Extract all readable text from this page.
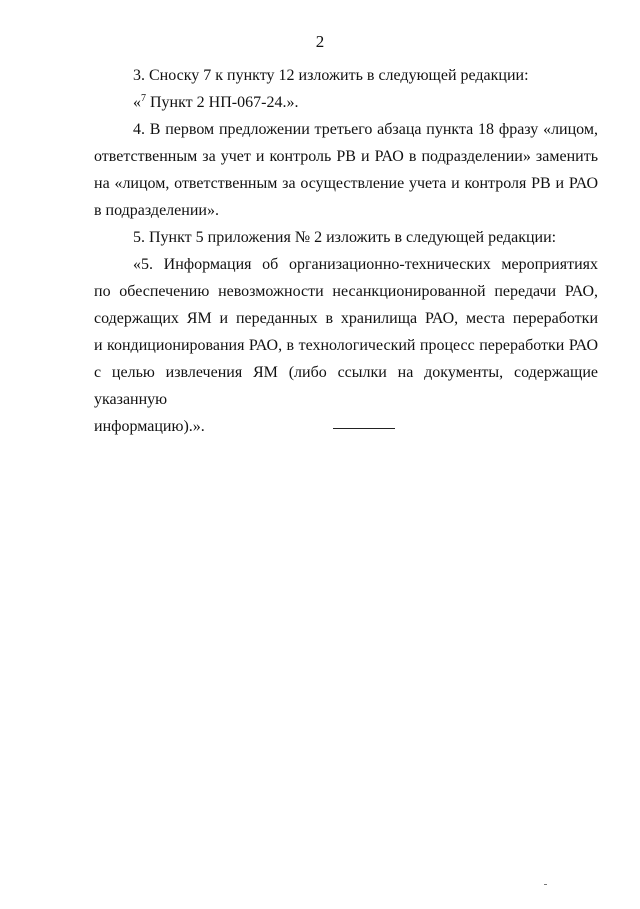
2

3. Сноску 7 к пункту 12 изложить в следующей редакции:

«$^7$ Пункт 2 НП-067-24.».

4. В первом предложении третьего абзаца пункта 18 фразу «лицом,
ответственным за учет и контроль РВ и РАО в подразделении» заменить
на «лицом, ответственным за осуществление учета и контроля РВ и РАО
в подразделении».

5. Пункт 5 приложения № 2 изложить в следующей редакции:

«5. Информация об организационно-технических мероприятиях
по обеспечению невозможности несанкционированной передачи РАО,
содержащих ЯМ и переданных в хранилища РАО, места переработки
и кондиционирования РАО, в технологический процесс переработки РАО
с целью извлечения ЯМ (либо ссылки на документы, содержащие указанную
информацию).».
